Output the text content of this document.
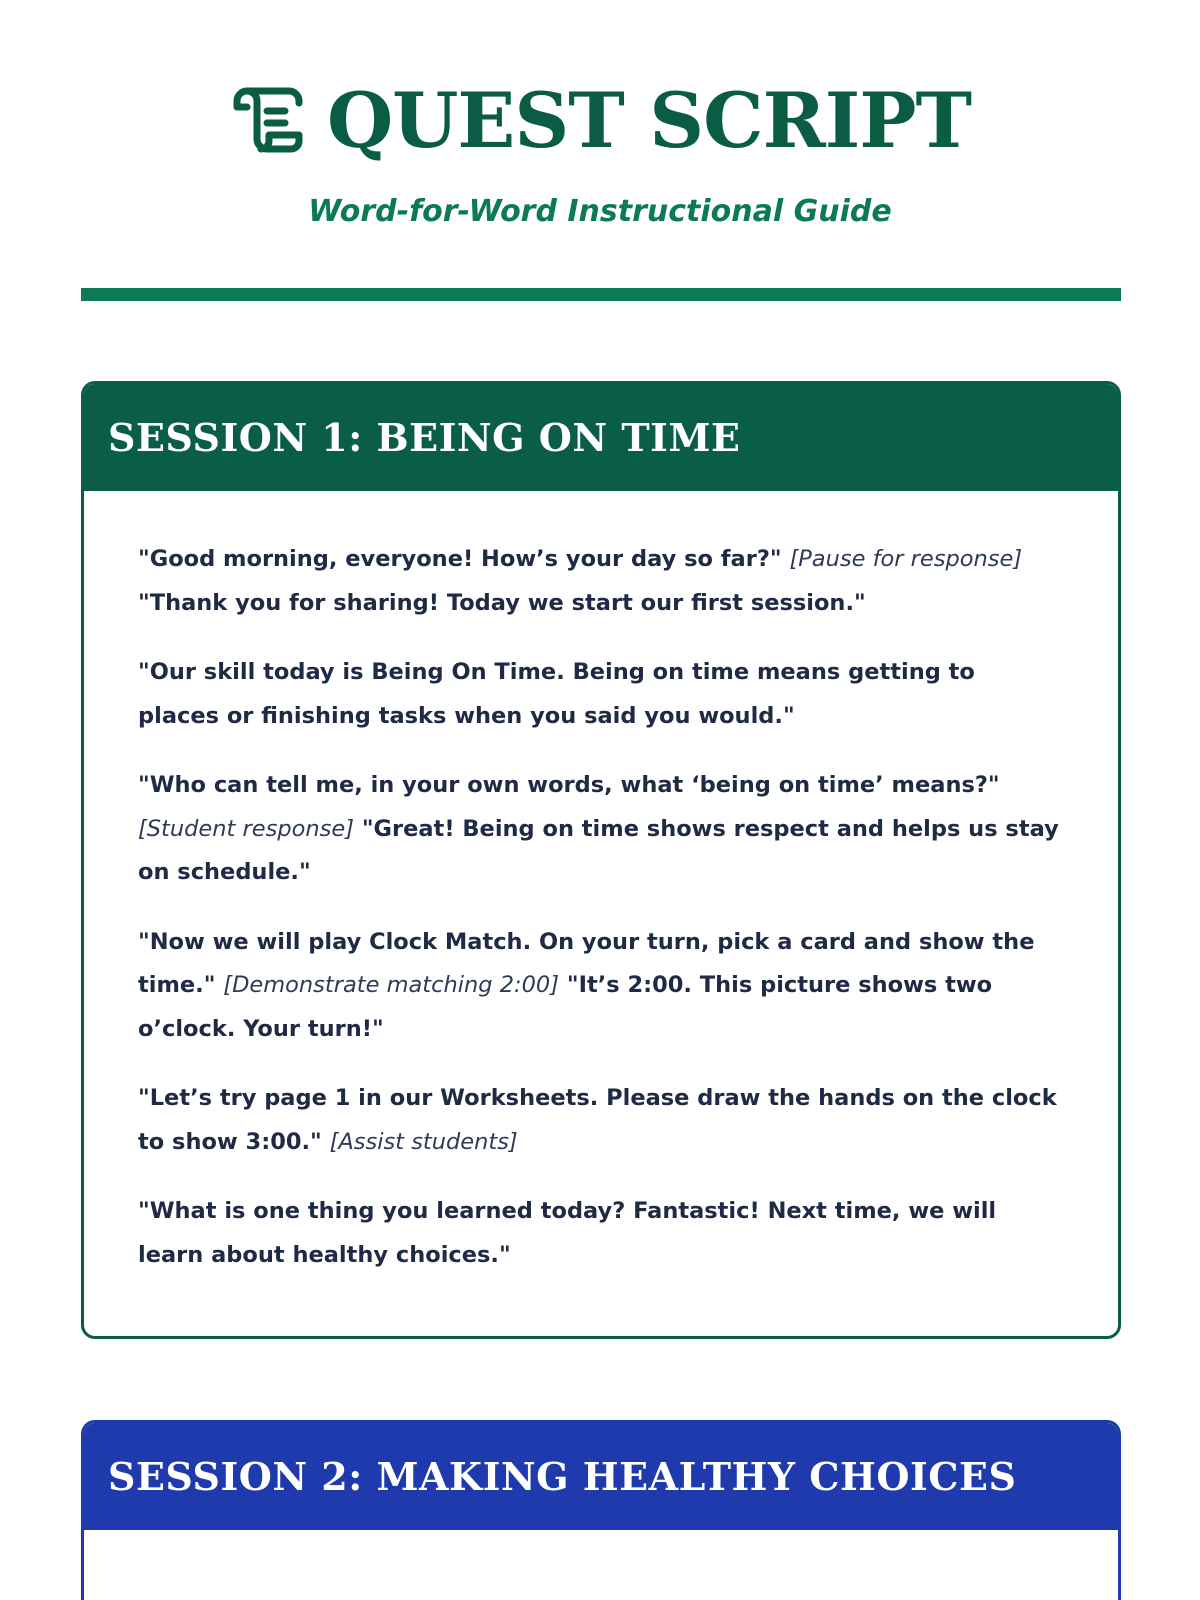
QUEST SCRIPT
Word-for-Word Instructional Guide
SESSION 1: BEING ON TIME

"Good morning, everyone! How’s your day so far?" [Pause for response] "Thank you for sharing! Today we start our first session."

"Our skill today is Being On Time. Being on time means getting to places or finishing tasks when you said you would."

"Who can tell me, in your own words, what ‘being on time’ means?" [Student response] "Great! Being on time shows respect and helps us stay on schedule."

"Now we will play Clock Match. On your turn, pick a card and show the time." [Demonstrate matching 2:00] "It’s 2:00. This picture shows two o’clock. Your turn!"

"Let’s try page 1 in our Worksheets. Please draw the hands on the clock to show 3:00." [Assist students]

"What is one thing you learned today? Fantastic! Next time, we will learn about healthy choices."

SESSION 2: MAKING HEALTHY CHOICES
